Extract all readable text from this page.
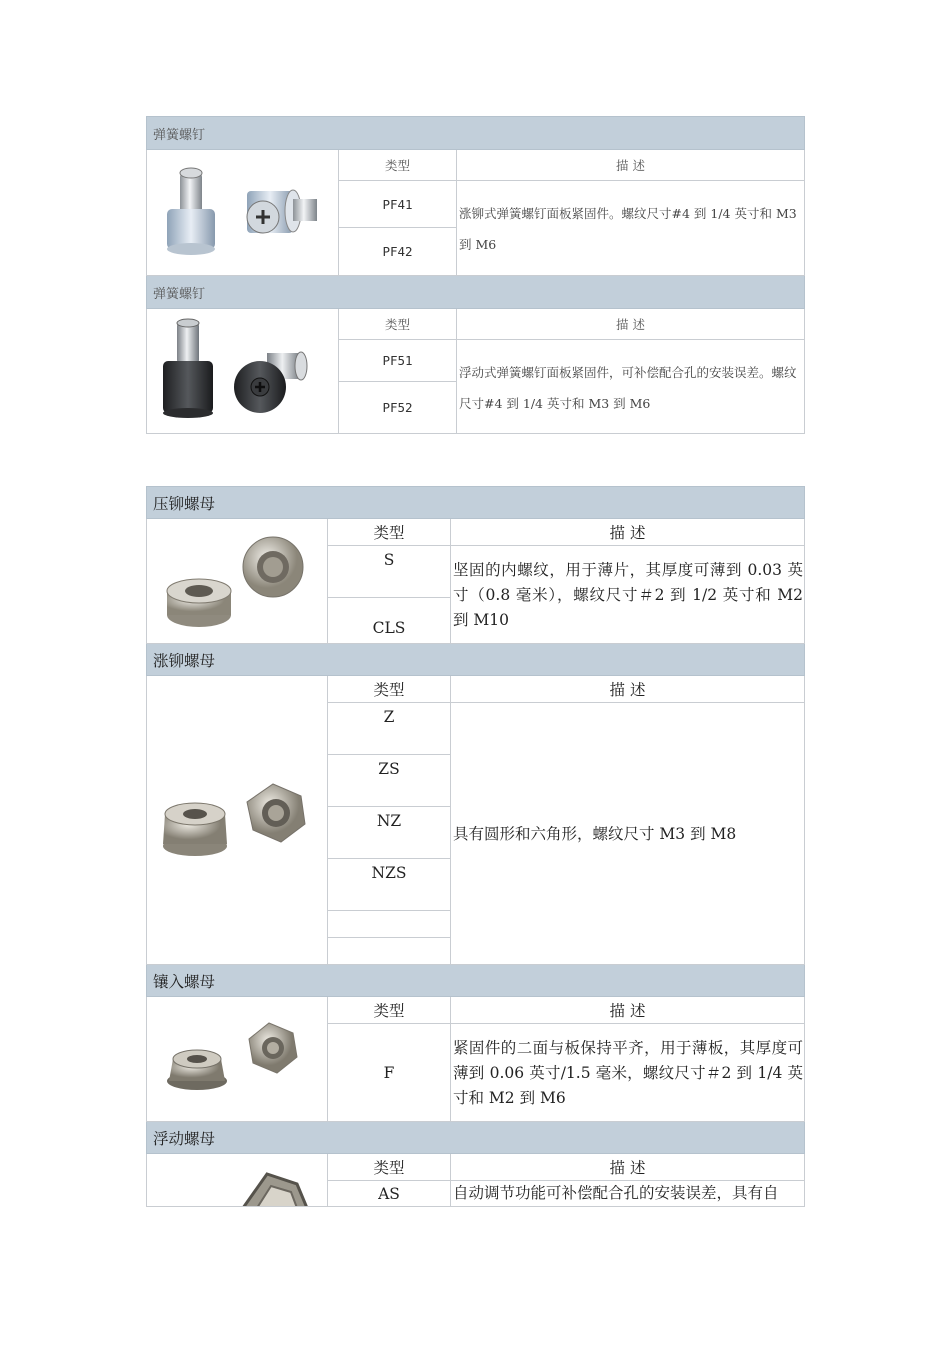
弹簧螺钉		

	类型	描 述
	PF41	涨铆式弹簧螺钉面板紧固件。螺纹尺寸#4 到 1/4 英寸和 M3 到 M6
	PF42	
弹簧螺钉		

	类型	描 述
	PF51	浮动式弹簧螺钉面板紧固件，可补偿配合孔的安装误差。螺纹尺寸#4 到 1/4 英寸和 M3 到 M6
	PF52	
压铆螺母		

	类型	描 述
	S	坚固的内螺纹，用于薄片，其厚度可薄到 0.03 英寸（0.8 毫米），螺纹尺寸＃2 到 1/2 英寸和 M2 到 M10
	CLS	
涨铆螺母		

	类型	描 述
	Z	具有圆形和六角形，螺纹尺寸 M3 到 M8
	ZS	
	NZ	
	NZS	

镶入螺母		

	类型	描 述
	F	紧固件的二面与板保持平齐，用于薄板，其厚度可薄到 0.06 英寸/1.5 毫米，螺纹尺寸＃2 到 1/4 英寸和 M2 到 M6
浮动螺母		

	类型	描 述
	AS	自动调节功能可补偿配合孔的安装误差，具有自
